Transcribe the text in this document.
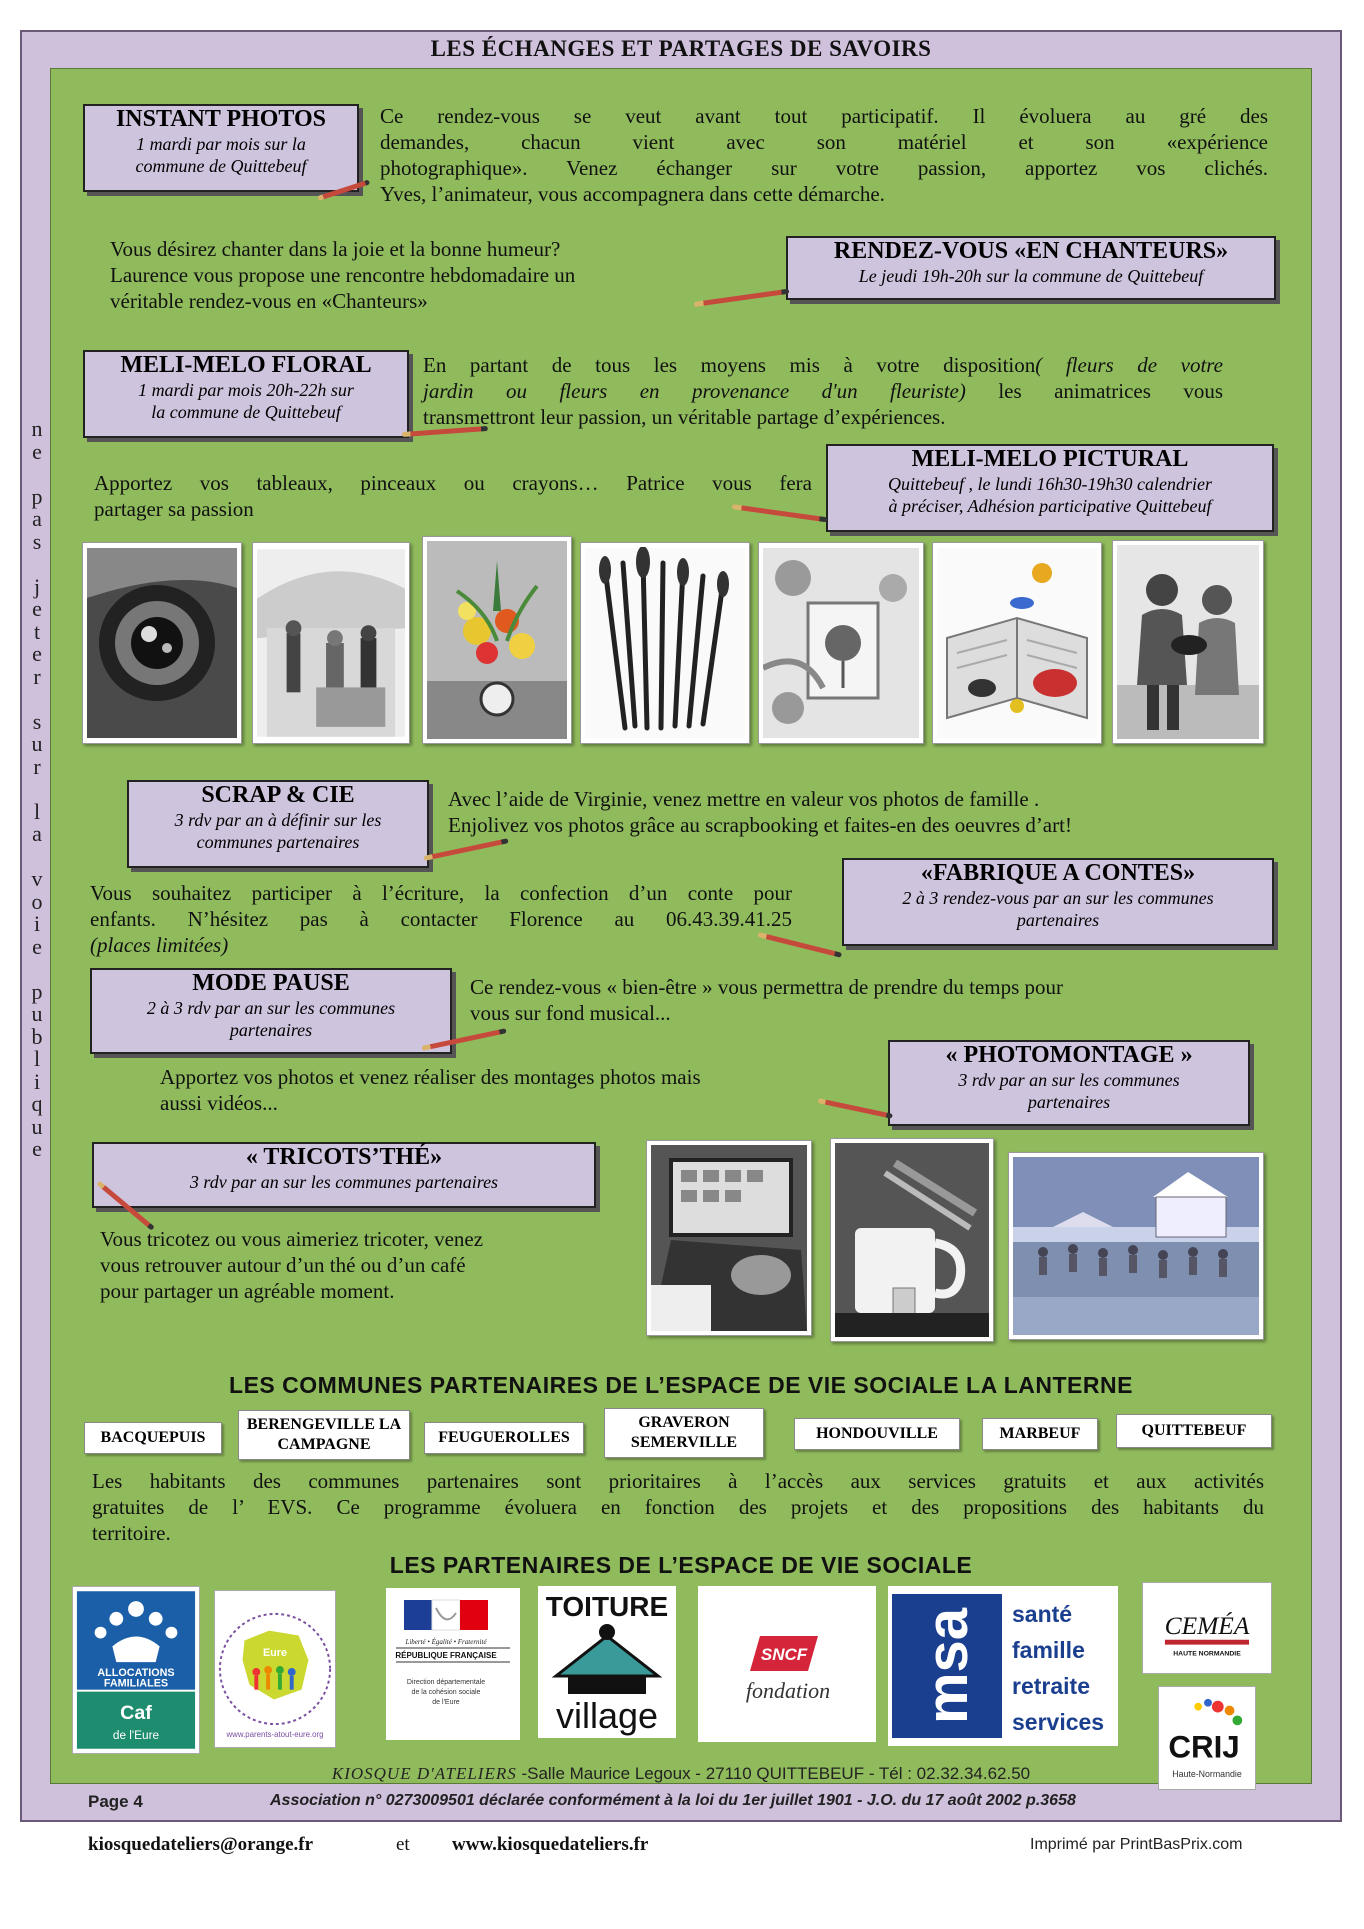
LES ÉCHANGES ET PARTAGES DE SAVOIRS
n
e

p
a
s

j
e
t
e
r

s
u
r

l
a

v
o
i
e

p
u
b
l
i
q
u
e
INSTANT PHOTOS
1 mardi par mois sur la
commune de Quittebeuf
Ce rendez-vous se veut avant tout participatif. Il évoluera au gré des
demandes, chacun vient avec son matériel et son «expérience
photographique». Venez échanger sur votre passion, apportez vos clichés.
Yves, l’animateur, vous accompagnera dans cette démarche.
Vous désirez chanter dans la joie et la bonne humeur?
Laurence vous propose une rencontre hebdomadaire un
véritable rendez-vous en «Chanteurs»
RENDEZ-VOUS «EN CHANTEURS»
Le jeudi 19h-20h sur la commune de Quittebeuf
MELI-MELO FLORAL
1 mardi par mois 20h-22h sur
la commune de Quittebeuf
En partant de tous les moyens mis à votre disposition( fleurs de votre
jardin ou fleurs en provenance d'un fleuriste) les animatrices vous
transmettront leur passion, un véritable partage d’expériences.
Apportez vos tableaux, pinceaux ou crayons… Patrice vous fera
partager sa passion
MELI-MELO PICTURAL
Quittebeuf , le lundi 16h30-19h30 calendrier
à préciser, Adhésion participative Quittebeuf
SCRAP & CIE
3 rdv par an à définir sur les
communes partenaires
Avec l’aide de Virginie, venez mettre en valeur vos photos de famille .
Enjolivez vos photos grâce au scrapbooking et faites-en des oeuvres d’art!
Vous souhaitez participer à l’écriture, la confection d’un conte pour
enfants. N’hésitez pas à contacter Florence au 06.43.39.41.25
(places limitées)
«FABRIQUE A CONTES»
2 à 3 rendez-vous par an sur les communes
partenaires
MODE PAUSE
2 à 3 rdv par an sur les communes
partenaires
Ce rendez-vous « bien-être » vous permettra de prendre du temps pour
vous sur fond musical...
Apportez vos photos et venez réaliser des montages photos mais
aussi vidéos...
« PHOTOMONTAGE »
3 rdv par an sur les communes
partenaires
« TRICOTS’THÉ»
3 rdv par an sur les communes partenaires
Vous tricotez ou vous aimeriez tricoter, venez
vous retrouver autour d’un thé ou d’un café
pour partager un agréable moment.
LES COMMUNES PARTENAIRES DE L’ESPACE DE VIE SOCIALE LA LANTERNE
BACQUEPUIS
BERENGEVILLE LA CAMPAGNE	FEUGUEROLLES
GRAVERON SEMERVILLE
HONDOUVILLE	MARBEUF	QUITTEBEUF
Les habitants des communes partenaires sont prioritaires à l’accès aux services gratuits et aux activités
gratuites de l’ EVS. Ce programme évoluera en fonction des projets et des propositions des habitants du
territoire.
LES PARTENAIRES DE L’ESPACE DE VIE SOCIALE
ALLOCATIONS
FAMILIALES
Caf
de l'Eure
Eure
www.parents-atout-eure.org
Liberté • Égalité • Fraternité
RÉPUBLIQUE FRANÇAISE
Direction départementale
de la cohésion sociale
de l'Eure
TOITURE
village
SNCF
fondation msa santé
famille
retraite
services
CEMÉA
HAUTE NORMANDIE
CRIJ
Haute-Normandie
KIOSQUE D'ATELIERS -Salle Maurice Legoux - 27110 QUITTEBEUF - Tél : 02.32.34.62.50
Page 4	Association n° 0273009501 déclarée conformément à la loi du 1er juillet 1901 - J.O. du 17 août 2002 p.3658
kiosquedateliers@orange.fr	et www.kiosquedateliers.fr	Imprimé par PrintBasPrix.com
